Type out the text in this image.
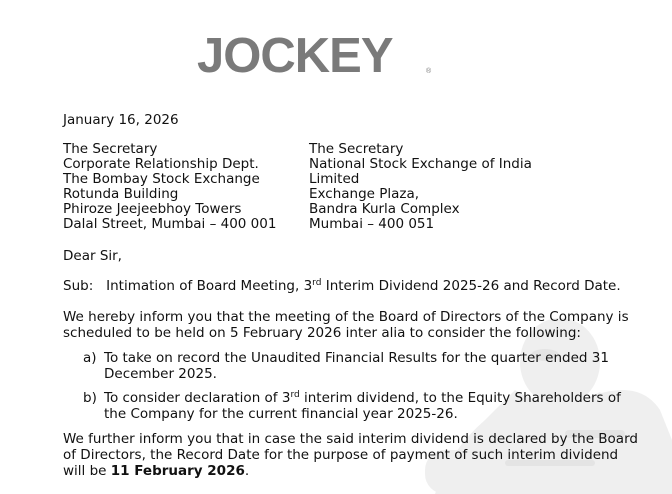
JOCKEY	®
January 16, 2026
The Secretary
Corporate Relationship Dept.
The Bombay Stock Exchange
Rotunda Building
Phiroze Jeejeebhoy Towers
Dalal Street, Mumbai – 400 001
The Secretary
National Stock Exchange of India
Limited
Exchange Plaza,
Bandra Kurla Complex
Mumbai – 400 051
Dear Sir,
Sub: Intimation of Board Meeting, 3rd Interim Dividend 2025-26 and Record Date.
We hereby inform you that the meeting of the Board of Directors of the Company is
scheduled to be held on 5 February 2026 inter alia to consider the following:
a) To take on record the Unaudited Financial Results for the quarter ended 31
December 2025.
b) To consider declaration of 3rd interim dividend, to the Equity Shareholders of
the Company for the current financial year 2025-26.
We further inform you that in case the said interim dividend is declared by the Board
of Directors, the Record Date for the purpose of payment of such interim dividend
will be 11 February 2026.
